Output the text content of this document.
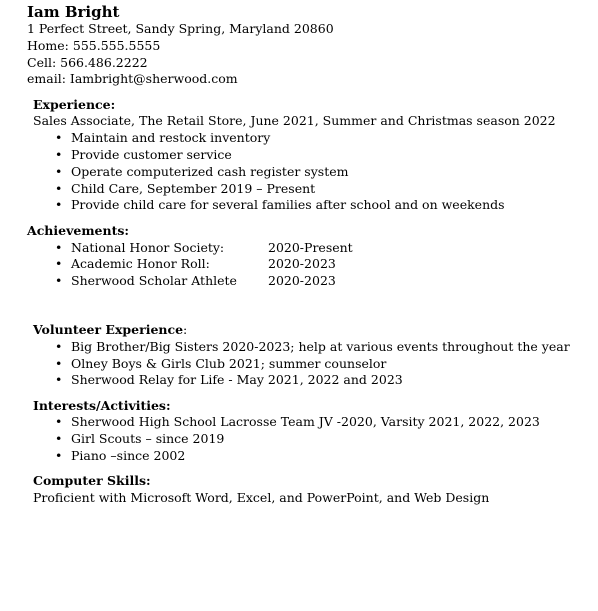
Iam Bright
1 Perfect Street, Sandy Spring, Maryland 20860
Home: 555.555.5555
Cell: 566.486.2222
email: Iambright@sherwood.com
Experience:
Sales Associate, The Retail Store, June 2021, Summer and Christmas season 2022
• Maintain and restock inventory
• Provide customer service
• Operate computerized cash register system
• Child Care, September 2019 – Present
• Provide child care for several families after school and on weekends
Achievements:
• National Honor Society:	2020-Present
• Academic Honor Roll:	2020-2023
• Sherwood Scholar Athlete 2020-2023
Volunteer Experience:
• Big Brother/Big Sisters 2020-2023; help at various events throughout the year
• Olney Boys & Girls Club 2021; summer counselor
• Sherwood Relay for Life - May 2021, 2022 and 2023
Interests/Activities:
• Sherwood High School Lacrosse Team JV -2020, Varsity 2021, 2022, 2023
• Girl Scouts – since 2019
• Piano –since 2002
Computer Skills:
Proficient with Microsoft Word, Excel, and PowerPoint, and Web Design
